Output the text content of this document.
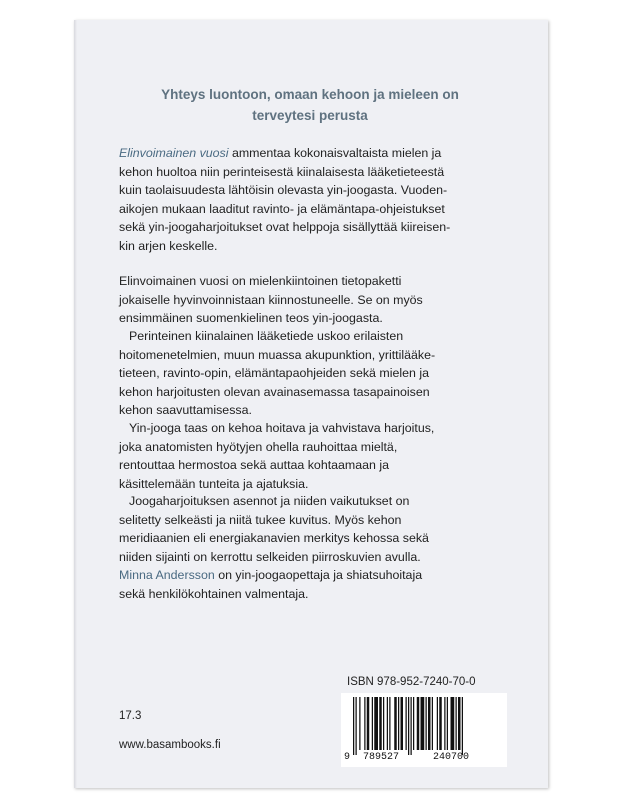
Yhteys luontoon, omaan kehoon ja mieleen on
terveytesi perusta
Elinvoimainen vuosi ammentaa kokonaisvaltaista mielen ja
kehon huoltoa niin perinteisestä kiinalaisesta lääketieteestä
kuin taolaisuudesta lähtöisin olevasta yin-joogasta. Vuoden-
aikojen mukaan laaditut ravinto- ja elämäntapa-ohjeistukset
sekä yin-joogaharjoitukset ovat helppoja sisällyttää kiireisen-
kin arjen keskelle.
Elinvoimainen vuosi on mielenkiintoinen tietopaketti
jokaiselle hyvinvoinnistaan kiinnostuneelle. Se on myös
ensimmäinen suomenkielinen teos yin-joogasta.
Perinteinen kiinalainen lääketiede uskoo erilaisten
hoitomenetelmien, muun muassa akupunktion, yrittilääke-
tieteen, ravinto-opin, elämäntapaohjeiden sekä mielen ja
kehon harjoitusten olevan avainasemassa tasapainoisen
kehon saavuttamisessa.
Yin-jooga taas on kehoa hoitava ja vahvistava harjoitus,
joka anatomisten hyötyjen ohella rauhoittaa mieltä,
rentouttaa hermostoa sekä auttaa kohtaamaan ja
käsittelemään tunteita ja ajatuksia.
Joogaharjoituksen asennot ja niiden vaikutukset on
selitetty selkeästi ja niitä tukee kuvitus. Myös kehon
meridiaanien eli energiakanavien merkitys kehossa sekä
niiden sijainti on kerrottu selkeiden piirroskuvien avulla.
Minna Andersson on yin-joogaopettaja ja shiatsuhoitaja
sekä henkilökohtainen valmentaja.
ISBN 978-952-7240-70-0
9 789527	240700
17.3
www.basambooks.fi
